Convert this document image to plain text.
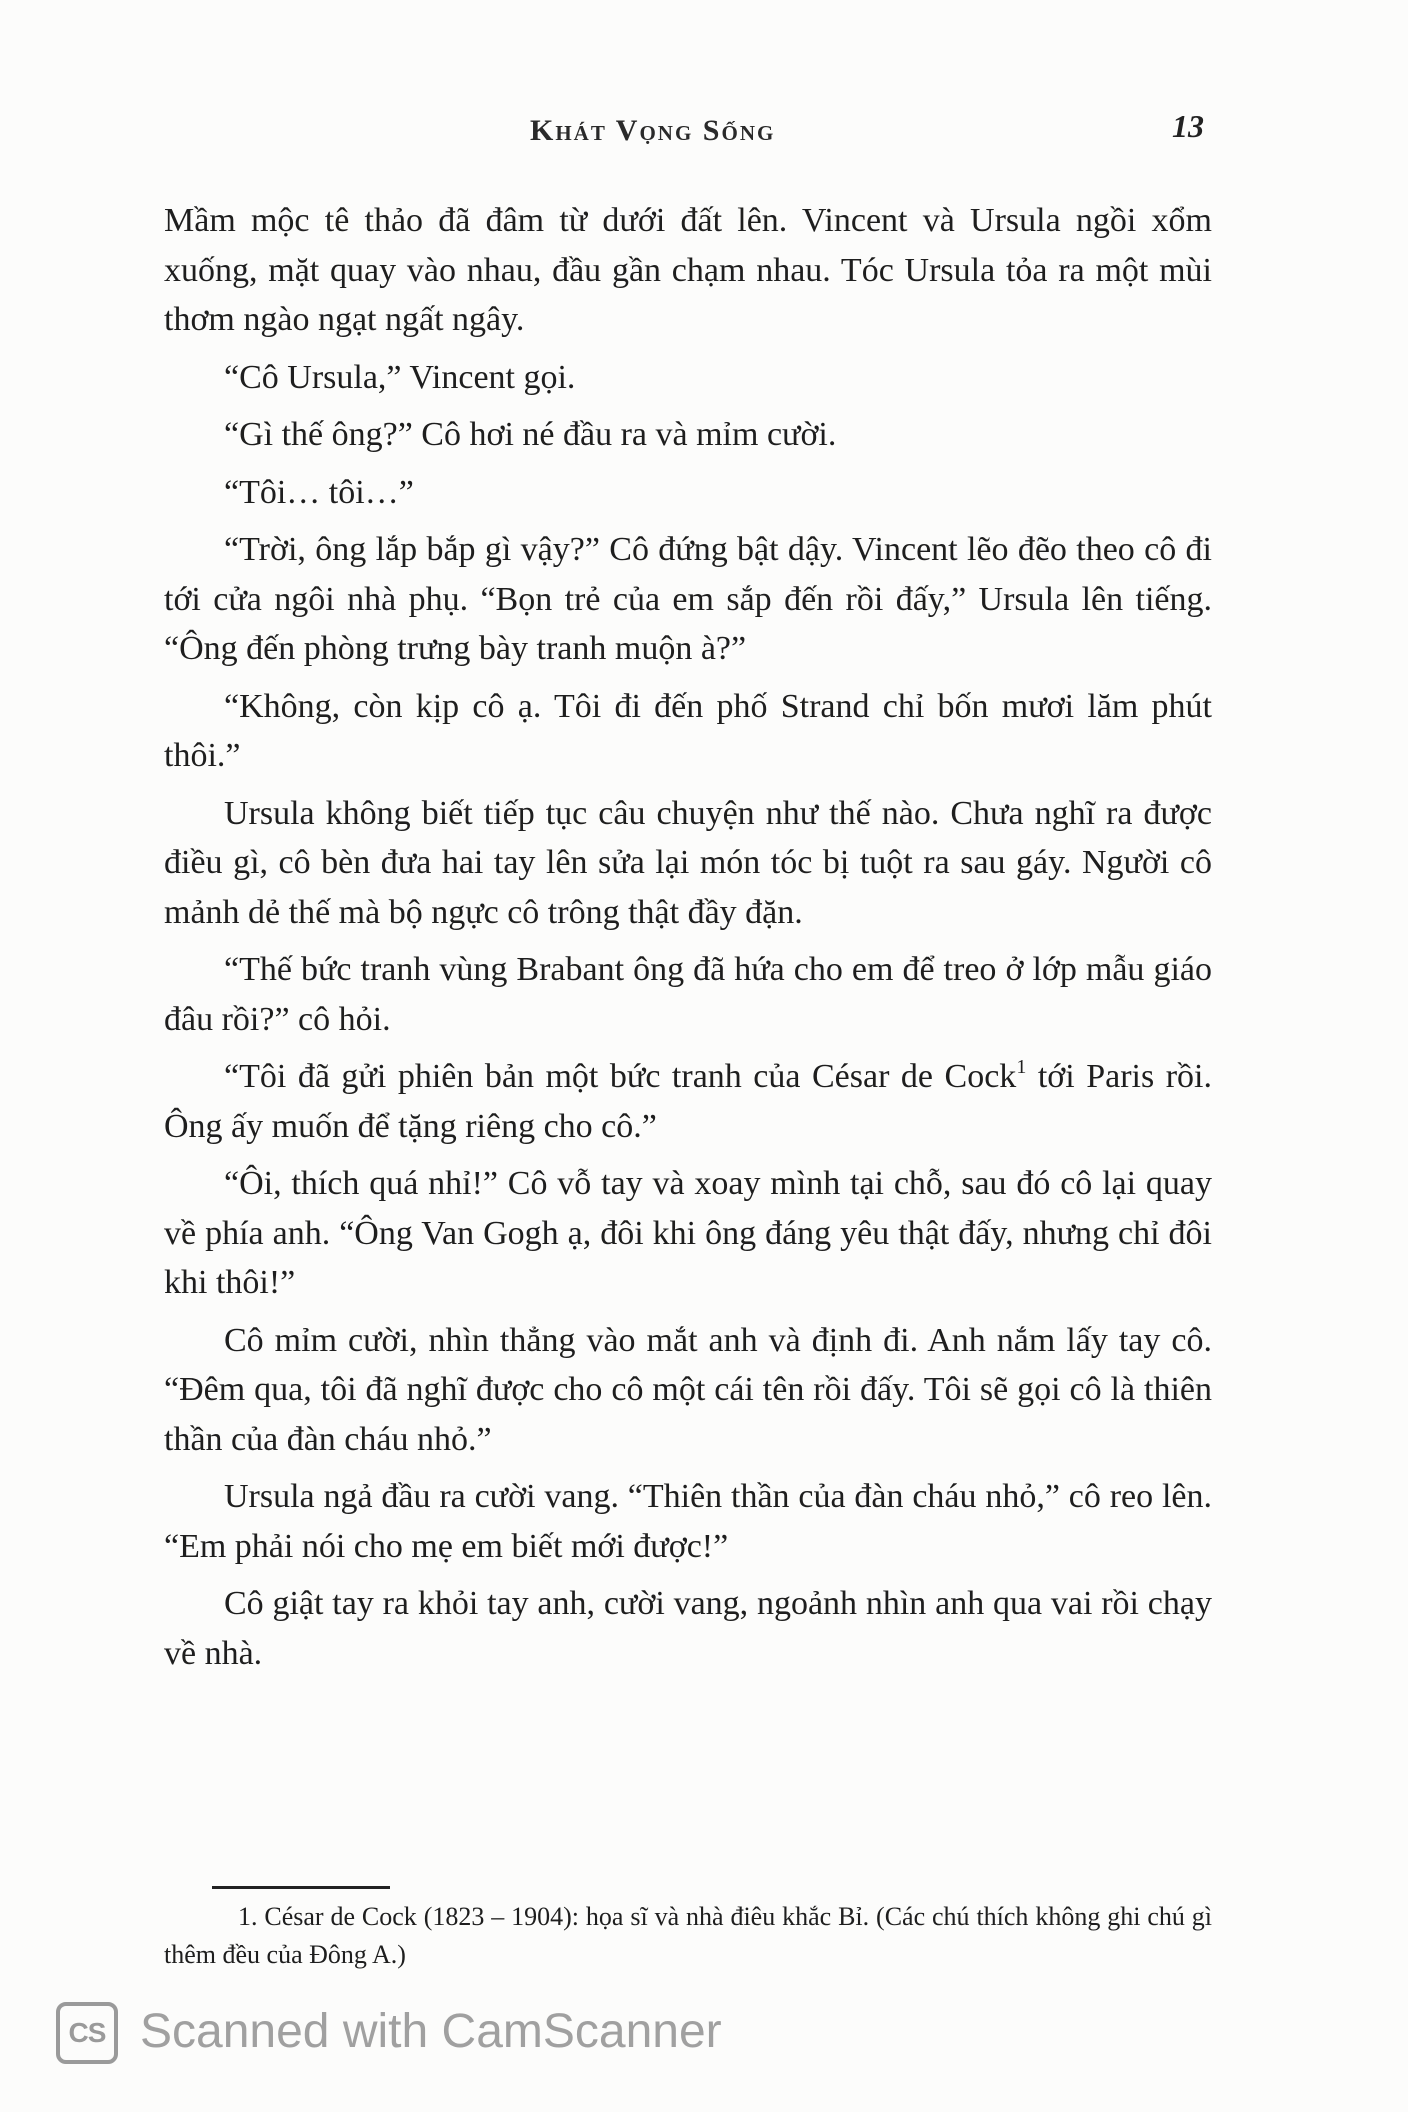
Khát Vọng Sống	13

Mầm mộc tê thảo đã đâm từ dưới đất lên. Vincent và Ursula ngồi xổm xuống, mặt quay vào nhau, đầu gần chạm nhau. Tóc Ursula tỏa ra một mùi thơm ngào ngạt ngất ngây.

“Cô Ursula,” Vincent gọi.

“Gì thế ông?” Cô hơi né đầu ra và mỉm cười.

“Tôi… tôi…”

“Trời, ông lắp bắp gì vậy?” Cô đứng bật dậy. Vincent lẽo đẽo theo cô đi tới cửa ngôi nhà phụ. “Bọn trẻ của em sắp đến rồi đấy,” Ursula lên tiếng. “Ông đến phòng trưng bày tranh muộn à?”

“Không, còn kịp cô ạ. Tôi đi đến phố Strand chỉ bốn mươi lăm phút thôi.”

Ursula không biết tiếp tục câu chuyện như thế nào. Chưa nghĩ ra được điều gì, cô bèn đưa hai tay lên sửa lại món tóc bị tuột ra sau gáy. Người cô mảnh dẻ thế mà bộ ngực cô trông thật đầy đặn.

“Thế bức tranh vùng Brabant ông đã hứa cho em để treo ở lớp mẫu giáo đâu rồi?” cô hỏi.

“Tôi đã gửi phiên bản một bức tranh của César de Cock$^1$ tới Paris rồi. Ông ấy muốn để tặng riêng cho cô.”

“Ôi, thích quá nhỉ!” Cô vỗ tay và xoay mình tại chỗ, sau đó cô lại quay về phía anh. “Ông Van Gogh ạ, đôi khi ông đáng yêu thật đấy, nhưng chỉ đôi khi thôi!”

Cô mỉm cười, nhìn thẳng vào mắt anh và định đi. Anh nắm lấy tay cô. “Đêm qua, tôi đã nghĩ được cho cô một cái tên rồi đấy. Tôi sẽ gọi cô là thiên thần của đàn cháu nhỏ.”

Ursula ngả đầu ra cười vang. “Thiên thần của đàn cháu nhỏ,” cô reo lên. “Em phải nói cho mẹ em biết mới được!”

Cô giật tay ra khỏi tay anh, cười vang, ngoảnh nhìn anh qua vai rồi chạy về nhà.

1. César de Cock (1823 – 1904): họa sĩ và nhà điêu khắc Bỉ. (Các chú thích không ghi chú gì thêm đều của Đông A.)

CS Scanned with CamScanner
